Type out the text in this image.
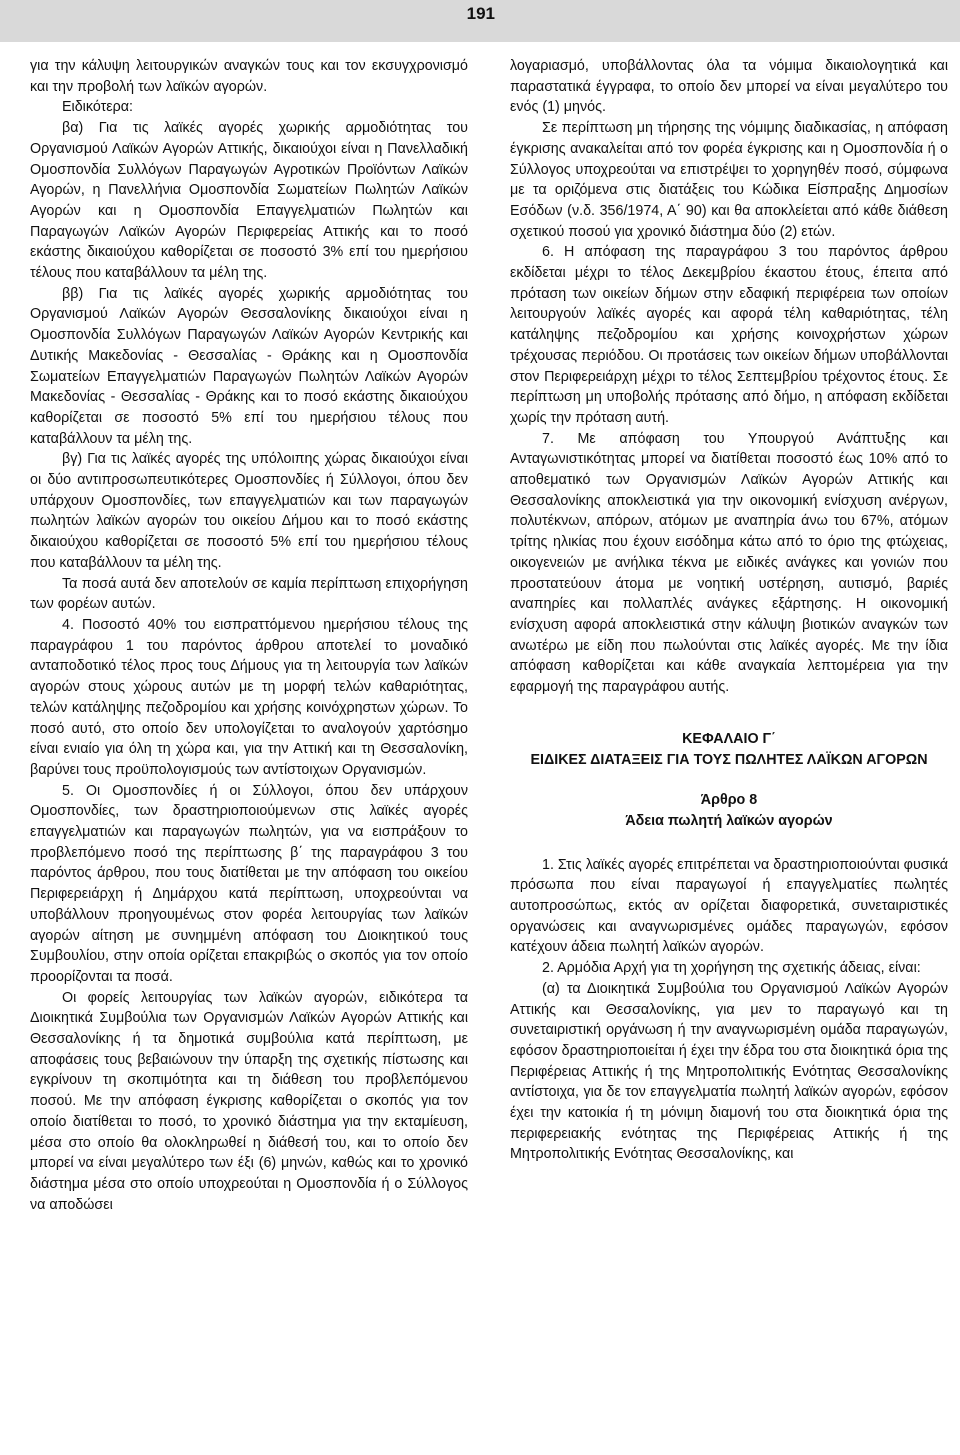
191

για την κάλυψη λειτουργικών αναγκών τους και τον εκσυγχρονισμό και την προβολή των λαϊκών αγορών.

Ειδικότερα:

βα) Για τις λαϊκές αγορές χωρικής αρμοδιότητας του Οργανισμού Λαϊκών Αγορών Αττικής, δικαιούχοι είναι η Πανελλαδική Ομοσπονδία Συλλόγων Παραγωγών Αγροτικών Προϊόντων Λαϊκών Αγορών, η Πανελλήνια Ομοσπονδία Σωματείων Πωλητών Λαϊκών Αγορών και η Ομοσπονδία Επαγγελματιών Πωλητών και Παραγωγών Λαϊκών Αγορών Περιφερείας Αττικής και το ποσό εκάστης δικαιούχου καθορίζεται σε ποσοστό 3% επί του ημερήσιου τέλους που καταβάλλουν τα μέλη της.

ββ) Για τις λαϊκές αγορές χωρικής αρμοδιότητας του Οργανισμού Λαϊκών Αγορών Θεσσαλονίκης δικαιούχοι είναι η Ομοσπονδία Συλλόγων Παραγωγών Λαϊκών Αγορών Κεντρικής και Δυτικής Μακεδονίας - Θεσσαλίας - Θράκης και η Ομοσπονδία Σωματείων Επαγγελματιών Παραγωγών Πωλητών Λαϊκών Αγορών Μακεδονίας - Θεσσαλίας - Θράκης και το ποσό εκάστης δικαιούχου καθορίζεται σε ποσοστό 5% επί του ημερήσιου τέλους που καταβάλλουν τα μέλη της.

βγ) Για τις λαϊκές αγορές της υπόλοιπης χώρας δικαιούχοι είναι οι δύο αντιπροσωπευτικότερες Ομοσπονδίες ή Σύλλογοι, όπου δεν υπάρχουν Ομοσπονδίες, των επαγγελματιών και των παραγωγών πωλητών λαϊκών αγορών του οικείου Δήμου και το ποσό εκάστης δικαιούχου καθορίζεται σε ποσοστό 5% επί του ημερήσιου τέλους που καταβάλλουν τα μέλη της.

Τα ποσά αυτά δεν αποτελούν σε καμία περίπτωση επιχορήγηση των φορέων αυτών.

4. Ποσοστό 40% του εισπραττόμενου ημερήσιου τέλους της παραγράφου 1 του παρόντος άρθρου αποτελεί το μοναδικό ανταποδοτικό τέλος προς τους Δήμους για τη λειτουργία των λαϊκών αγορών στους χώρους αυτών με τη μορφή τελών καθαριότητας, τελών κατάληψης πεζοδρομίου και χρήσης κοινόχρηστων χώρων. Το ποσό αυτό, στο οποίο δεν υπολογίζεται το αναλογούν χαρτόσημο είναι ενιαίο για όλη τη χώρα και, για την Αττική και τη Θεσσαλονίκη, βαρύνει τους προϋπολογισμούς των αντίστοιχων Οργανισμών.

5. Οι Ομοσπονδίες ή οι Σύλλογοι, όπου δεν υπάρχουν Ομοσπονδίες, των δραστηριοποιούμενων στις λαϊκές αγορές επαγγελματιών και παραγωγών πωλητών, για να εισπράξουν το προβλεπόμενο ποσό της περίπτωσης β΄ της παραγράφου 3 του παρόντος άρθρου, που τους διατίθεται με την απόφαση του οικείου Περιφερειάρχη ή Δημάρχου κατά περίπτωση, υποχρεούνται να υποβάλλουν προηγουμένως στον φορέα λειτουργίας των λαϊκών αγορών αίτηση με συνημμένη απόφαση του Διοικητικού τους Συμβουλίου, στην οποία ορίζεται επακριβώς ο σκοπός για τον οποίο προορίζονται τα ποσά.

Οι φορείς λειτουργίας των λαϊκών αγορών, ειδικότερα τα Διοικητικά Συμβούλια των Οργανισμών Λαϊκών Αγορών Αττικής και Θεσσαλονίκης ή τα δημοτικά συμβούλια κατά περίπτωση, με αποφάσεις τους βεβαιώνουν την ύπαρξη της σχετικής πίστωσης και εγκρίνουν τη σκοπιμότητα και τη διάθεση του προβλεπόμενου ποσού. Με την απόφαση έγκρισης καθορίζεται ο σκοπός για τον οποίο διατίθεται το ποσό, το χρονικό διάστημα για την εκταμίευση, μέσα στο οποίο θα ολοκληρωθεί η διάθεσή του, και το οποίο δεν μπορεί να είναι μεγαλύτερο των έξι (6) μηνών, καθώς και το χρονικό διάστημα μέσα στο οποίο υποχρεούται η Ομοσπονδία ή ο Σύλλογος να αποδώσει

λογαριασμό, υποβάλλοντας όλα τα νόμιμα δικαιολογητικά και παραστατικά έγγραφα, το οποίο δεν μπορεί να είναι μεγαλύτερο του ενός (1) μηνός.

Σε περίπτωση μη τήρησης της νόμιμης διαδικασίας, η απόφαση έγκρισης ανακαλείται από τον φορέα έγκρισης και η Ομοσπονδία ή ο Σύλλογος υποχρεούται να επιστρέψει το χορηγηθέν ποσό, σύμφωνα με τα οριζόμενα στις διατάξεις του Κώδικα Είσπραξης Δημοσίων Εσόδων (ν.δ. 356/1974, Α΄ 90) και θα αποκλείεται από κάθε διάθεση σχετικού ποσού για χρονικό διάστημα δύο (2) ετών.

6. Η απόφαση της παραγράφου 3 του παρόντος άρθρου εκδίδεται μέχρι το τέλος Δεκεμβρίου έκαστου έτους, έπειτα από πρόταση των οικείων δήμων στην εδαφική περιφέρεια των οποίων λειτουργούν λαϊκές αγορές και αφορά τέλη καθαριότητας, τέλη κατάληψης πεζοδρομίου και χρήσης κοινοχρήστων χώρων τρέχουσας περιόδου. Οι προτάσεις των οικείων δήμων υποβάλλονται στον Περιφερειάρχη μέχρι το τέλος Σεπτεμβρίου τρέχοντος έτους. Σε περίπτωση μη υποβολής πρότασης από δήμο, η απόφαση εκδίδεται χωρίς την πρόταση αυτή.

7. Με απόφαση του Υπουργού Ανάπτυξης και Ανταγωνιστικότητας μπορεί να διατίθεται ποσοστό έως 10% από το αποθεματικό των Οργανισμών Λαϊκών Αγορών Αττικής και Θεσσαλονίκης αποκλειστικά για την οικονομική ενίσχυση ανέργων, πολυτέκνων, απόρων, ατόμων με αναπηρία άνω του 67%, ατόμων τρίτης ηλικίας που έχουν εισόδημα κάτω από το όριο της φτώχειας, οικογενειών με ανήλικα τέκνα με ειδικές ανάγκες και γονιών που προστατεύουν άτομα με νοητική υστέρηση, αυτισμό, βαριές αναπηρίες και πολλαπλές ανάγκες εξάρτησης. Η οικονομική ενίσχυση αφορά αποκλειστικά στην κάλυψη βιοτικών αναγκών των ανωτέρω με είδη που πωλούνται στις λαϊκές αγορές. Με την ίδια απόφαση καθορίζεται και κάθε αναγκαία λεπτομέρεια για την εφαρμογή της παραγράφου αυτής.

ΚΕΦΑΛΑΙΟ Γ΄

ΕΙΔΙΚΕΣ ΔΙΑΤΑΞΕΙΣ ΓΙΑ ΤΟΥΣ ΠΩΛΗΤΕΣ ΛΑΪΚΩΝ ΑΓΟΡΩΝ

Άρθρο 8

Άδεια πωλητή λαϊκών αγορών

1. Στις λαϊκές αγορές επιτρέπεται να δραστηριοποιούνται φυσικά πρόσωπα που είναι παραγωγοί ή επαγγελματίες πωλητές αυτοπροσώπως, εκτός αν ορίζεται διαφορετικά, συνεταιριστικές οργανώσεις και αναγνωρισμένες ομάδες παραγωγών, εφόσον κατέχουν άδεια πωλητή λαϊκών αγορών.

2. Αρμόδια Αρχή για τη χορήγηση της σχετικής άδειας, είναι:

(α) τα Διοικητικά Συμβούλια του Οργανισμού Λαϊκών Αγορών Αττικής και Θεσσαλονίκης, για μεν το παραγωγό και τη συνεταιριστική οργάνωση ή την αναγνωρισμένη ομάδα παραγωγών, εφόσον δραστηριοποιείται ή έχει την έδρα του στα διοικητικά όρια της Περιφέρειας Αττικής ή της Μητροπολιτικής Ενότητας Θεσσαλονίκης αντίστοιχα, για δε τον επαγγελματία πωλητή λαϊκών αγορών, εφόσον έχει την κατοικία ή τη μόνιμη διαμονή του στα διοικητικά όρια της περιφερειακής ενότητας της Περιφέρειας Αττικής ή της Μητροπολιτικής Ενότητας Θεσσαλονίκης, και
